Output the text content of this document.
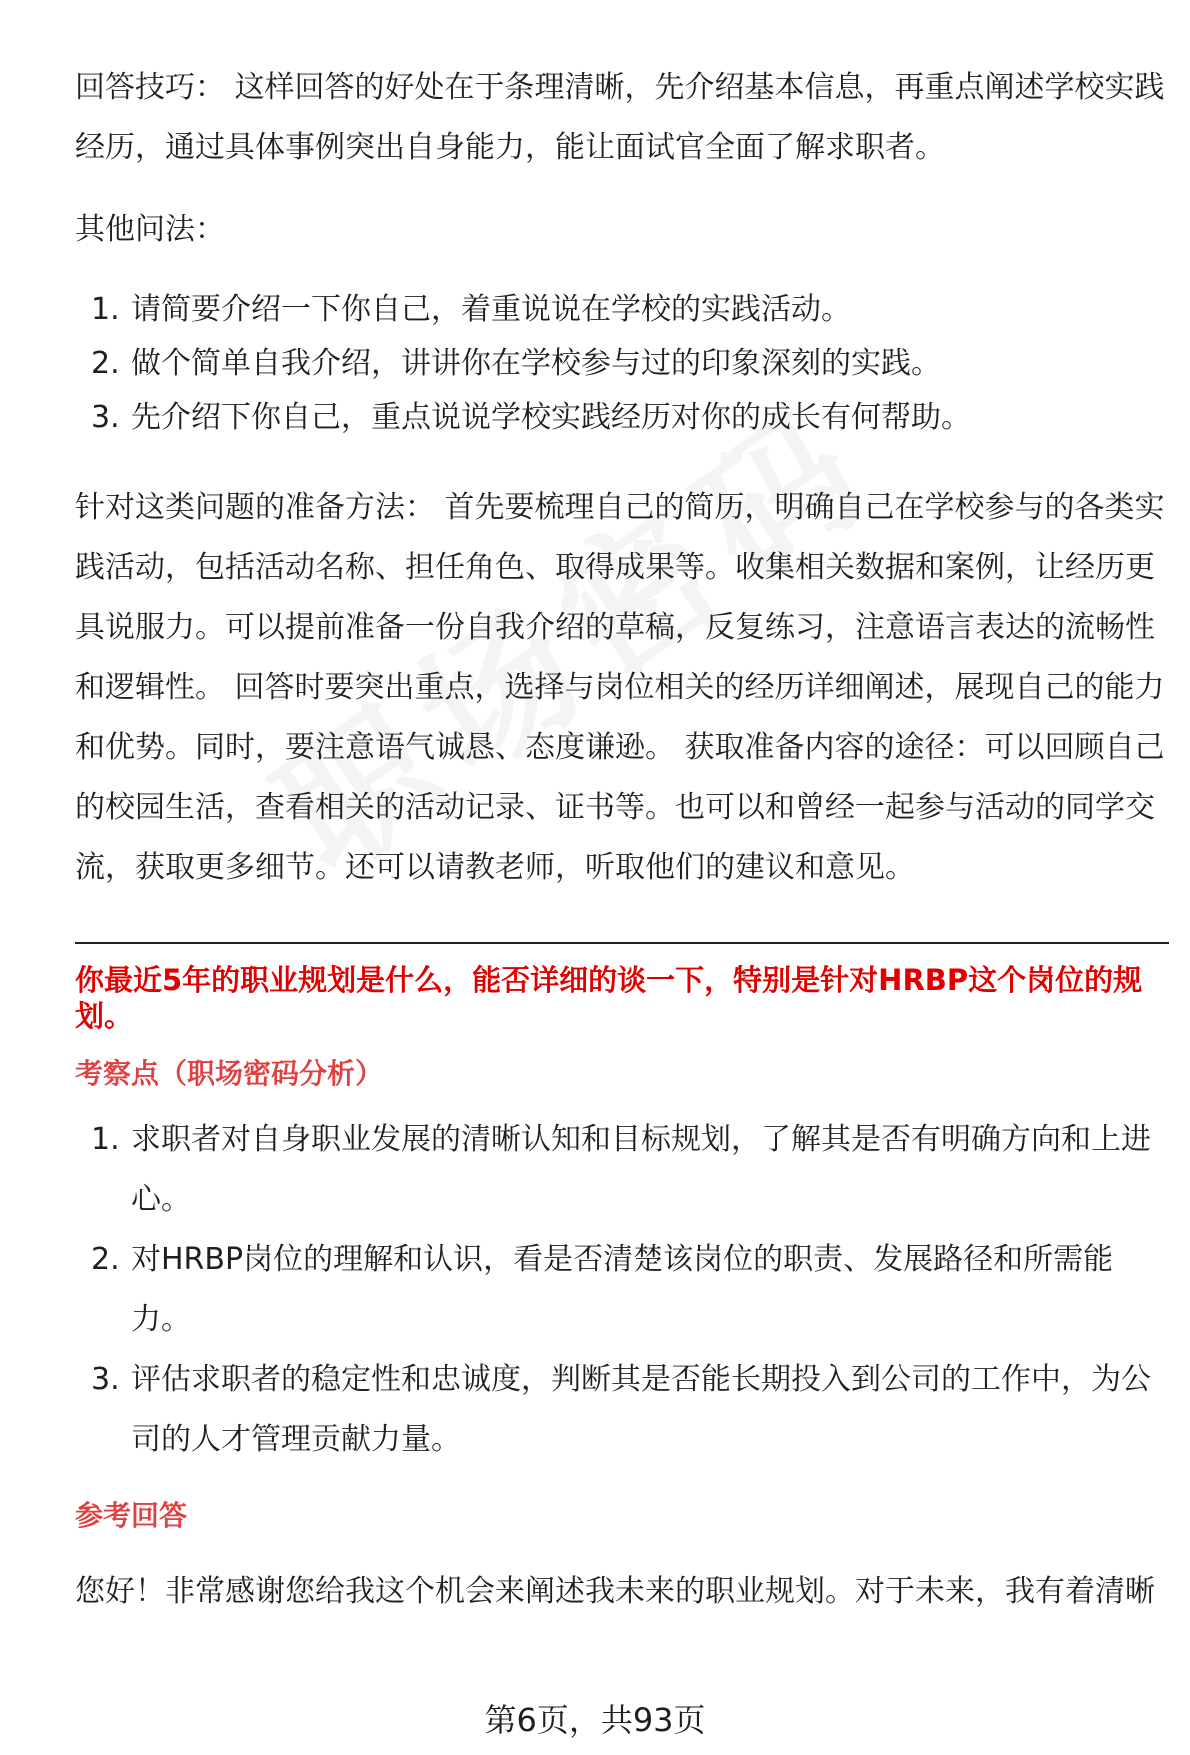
回答技巧： 这样回答的好处在于条理清晰，先介绍基本信息，再重点阐述学校实践

经历，通过具体事例突出自身能力，能让面试官全面了解求职者。

其他问法：

1. 请简要介绍一下你自己，着重说说在学校的实践活动。
2. 做个简单自我介绍，讲讲你在学校参与过的印象深刻的实践。
3. 先介绍下你自己，重点说说学校实践经历对你的成长有何帮助。

针对这类问题的准备方法： 首先要梳理自己的简历，明确自己在学校参与的各类实

践活动，包括活动名称、担任角色、取得成果等。收集相关数据和案例，让经历更

具说服力。可以提前准备一份自我介绍的草稿，反复练习，注意语言表达的流畅性

和逻辑性。 回答时要突出重点，选择与岗位相关的经历详细阐述，展现自己的能力

和优势。同时，要注意语气诚恳、态度谦逊。 获取准备内容的途径：可以回顾自己

的校园生活，查看相关的活动记录、证书等。也可以和曾经一起参与活动的同学交

流，获取更多细节。还可以请教老师，听取他们的建议和意见。

你最近5年的职业规划是什么，能否详细的谈一下，特别是针对HRBP这个岗位的规
划。
考察点（职场密码分析）
1. 求职者对自身职业发展的清晰认知和目标规划，了解其是否有明确方向和上进
心。
2. 对HRBP岗位的理解和认识，看是否清楚该岗位的职责、发展路径和所需能
力。
3. 评估求职者的稳定性和忠诚度，判断其是否能长期投入到公司的工作中，为公
司的人才管理贡献力量。
参考回答

您好！非常感谢您给我这个机会来阐述我未来的职业规划。对于未来，我有着清晰

第6页，共93页
